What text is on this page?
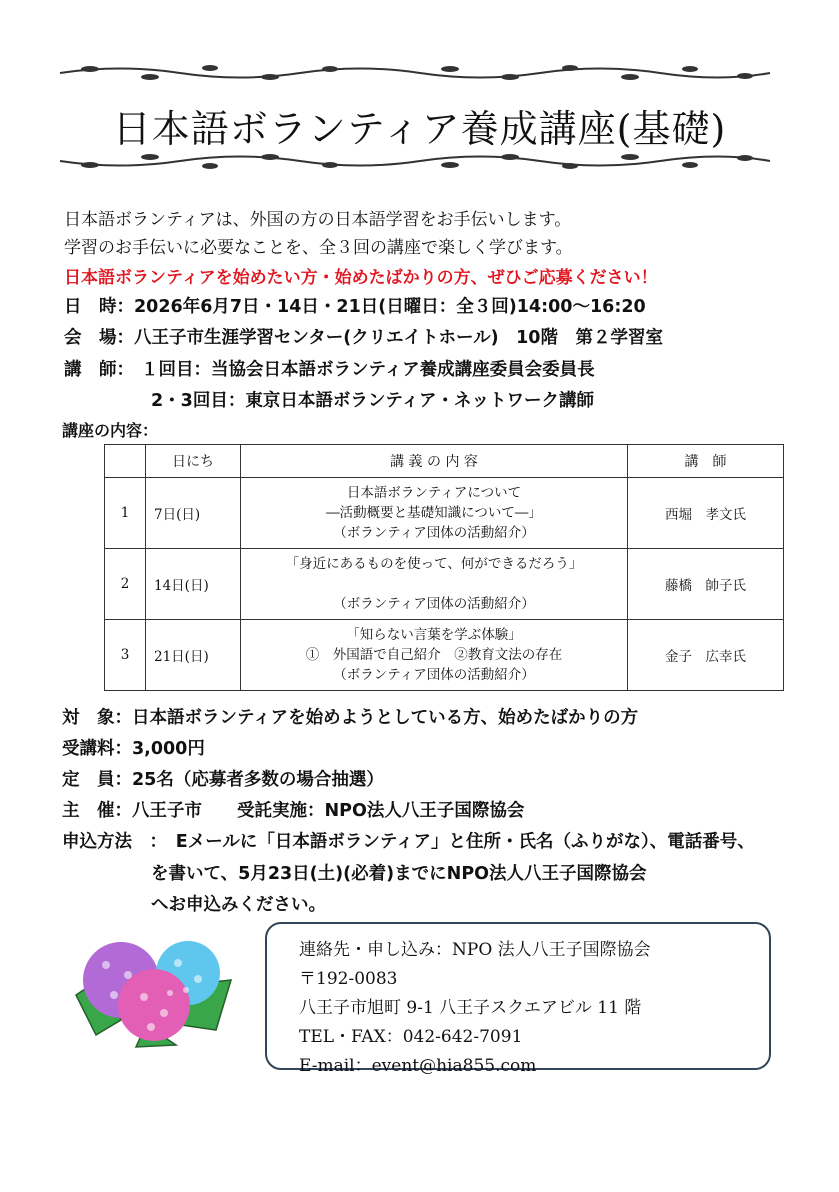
日本語ボランティア養成講座(基礎)
日本語ボランティアは、外国の方の日本語学習をお手伝いします。
学習のお手伝いに必要なことを、全３回の講座で楽しく学びます。
日本語ボランティアを始めたい方・始めたばかりの方、ぜひご応募ください！
日　時：2026年6月7日・14日・21日(日曜日：全３回)14:00～16:20
会　場：八王子市生涯学習センター(クリエイトホール)　10階　第２学習室
講　師： １回目：当協会日本語ボランティア養成講座委員会委員長
2・3回目：東京日本語ボランティア・ネットワーク講師
講座の内容：
	日にち	講 義 の 内 容	講　師
1	7日(日)	日本語ボランティアについて
―活動概要と基礎知識について―」
（ボランティア団体の活動紹介）	西堀　孝文氏
2	14日(日)	「身近にあるものを使って、何ができるだろう」
（ボランティア団体の活動紹介）	藤橋　帥子氏
3	21日(日)	「知らない言葉を学ぶ体験」
①　外国語で自己紹介　②教育文法の存在
（ボランティア団体の活動紹介）	金子　広幸氏
対　象：日本語ボランティアを始めようとしている方、始めたばかりの方
受講料：3,000円
定　員：25名（応募者多数の場合抽選）
主　催：八王子市　　受託実施：NPO法人八王子国際協会
申込方法　：　Eメールに「日本語ボランティア」と住所・氏名（ふりがな）、電話番号、
を書いて、5月23日(土)(必着)までにNPO法人八王子国際協会
へお申込みください。
連絡先・申し込み：NPO 法人八王子国際協会
〒192-0083
八王子市旭町 9-1 八王子スクエアビル 11 階
TEL・FAX：042-642-7091
E-mail：event@hia855.com
